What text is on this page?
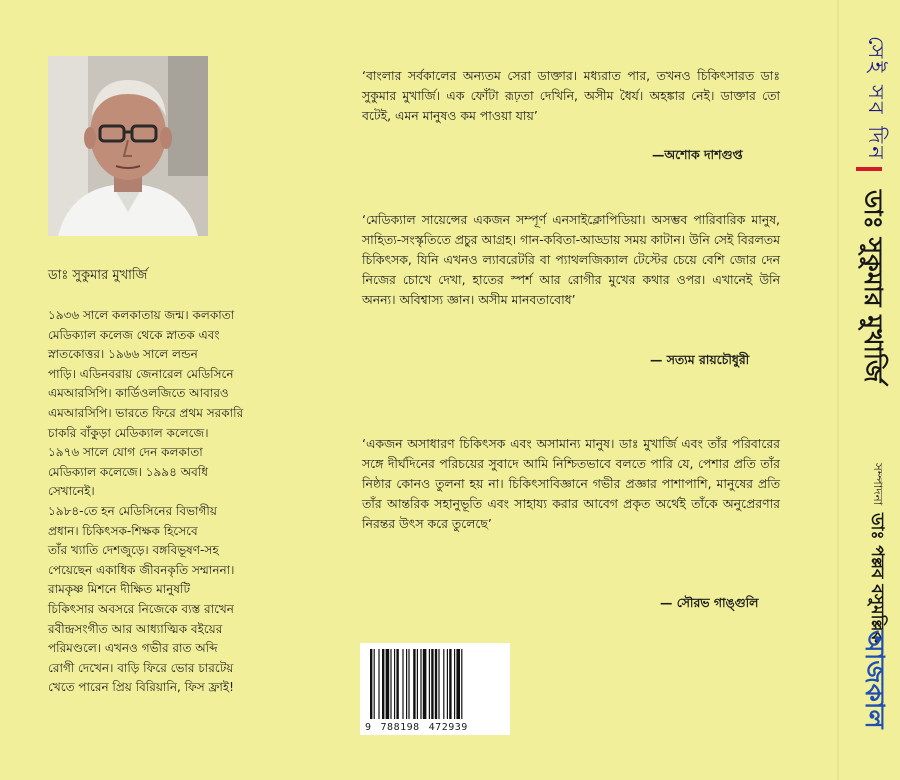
ডাঃ সুকুমার মুখার্জি

১৯৩৬ সালে কলকাতায় জন্ম। কলকাতা
মেডিক্যাল কলেজ থেকে স্নাতক এবং
স্নাতকোত্তর। ১৯৬৬ সালে লন্ডন
পাড়ি। এডিনবরায় জেনারেল মেডিসিনে
এমআরসিপি। কার্ডিওলজিতে আবারও
এমআরসিপি। ভারতে ফিরে প্রথম সরকারি
চাকরি বাঁকুড়া মেডিক্যাল কলেজে।
১৯৭৬ সালে যোগ দেন কলকাতা
মেডিক্যাল কলেজে। ১৯৯৪ অবধি
সেখানেই।
১৯৮৪-তে হন মেডিসিনের বিভাগীয়
প্রধান। চিকিৎসক-শিক্ষক হিসেবে
তাঁর খ্যাতি দেশজুড়ে। বঙ্গবিভূষণ-সহ
পেয়েছেন একাধিক জীবনকৃতি সম্মাননা।
রামকৃষ্ণ মিশনে দীক্ষিত মানুষটি
চিকিৎসার অবসরে নিজেকে ব্যস্ত রাখেন
রবীন্দ্রসংগীত আর আধ্যাত্মিক বইয়ের
পরিমণ্ডলে। এখনও গভীর রাত অব্দি
রোগী দেখেন। বাড়ি ফিরে ভোর চারটেয়
খেতে পারেন প্রিয় বিরিয়ানি, ফিস ফ্রাই!

‘বাংলার সর্বকালের অন্যতম সেরা ডাক্তার। মধ্যরাত পার, তখনও চিকিৎসারত ডাঃ সুকুমার মুখার্জি। এক ফোঁটা রূঢ়তা দেখিনি, অসীম ধৈর্য। অহঙ্কার নেই। ডাক্তার তো বটেই, এমন মানুষও কম পাওয়া যায়’

—অশোক দাশগুপ্ত

‘মেডিক্যাল সায়েন্সের একজন সম্পূর্ণ এনসাইক্লোপিডিয়া। অসম্ভব পারিবারিক মানুষ, সাহিত্য-সংস্কৃতিতে প্রচুর আগ্রহ। গান-কবিতা-আড্ডায় সময় কাটান। উনি সেই বিরলতম চিকিৎসক, যিনি এখনও ল্যাবরেটরি বা প্যাথলজিক্যাল টেস্টের চেয়ে বেশি জোর দেন নিজের চোখে দেখা, হাতের স্পর্শ আর রোগীর মুখের কথার ওপর। এখানেই উনি অনন্য। অবিশ্বাস্য জ্ঞান। অসীম মানবতাবোধ’

— সত্যম রায়চৌধুরী

‘একজন অসাধারণ চিকিৎসক এবং অসামান্য মানুষ। ডাঃ মুখার্জি এবং তাঁর পরিবারের সঙ্গে দীর্ঘদিনের পরিচয়ের সুবাদে আমি নিশ্চিতভাবে বলতে পারি যে, পেশার প্রতি তাঁর নিষ্ঠার কোনও তুলনা হয় না। চিকিৎসাবিজ্ঞানে গভীর প্রজ্ঞার পাশাপাশি, মানুষের প্রতি তাঁর আন্তরিক সহানুভূতি এবং সাহায্য করার আবেগ প্রকৃত অর্থেই তাঁকে অনুপ্রেরণার নিরন্তর উৎস করে তুলেছে’

— সৌরভ গাঙ্গুলি
9 788198 472939
সেই সব দিন
ডাঃ সুকুমার মুখার্জি
সম্পাদনা
ডাঃ পল্লব বসুমল্লিক
আজকাল
